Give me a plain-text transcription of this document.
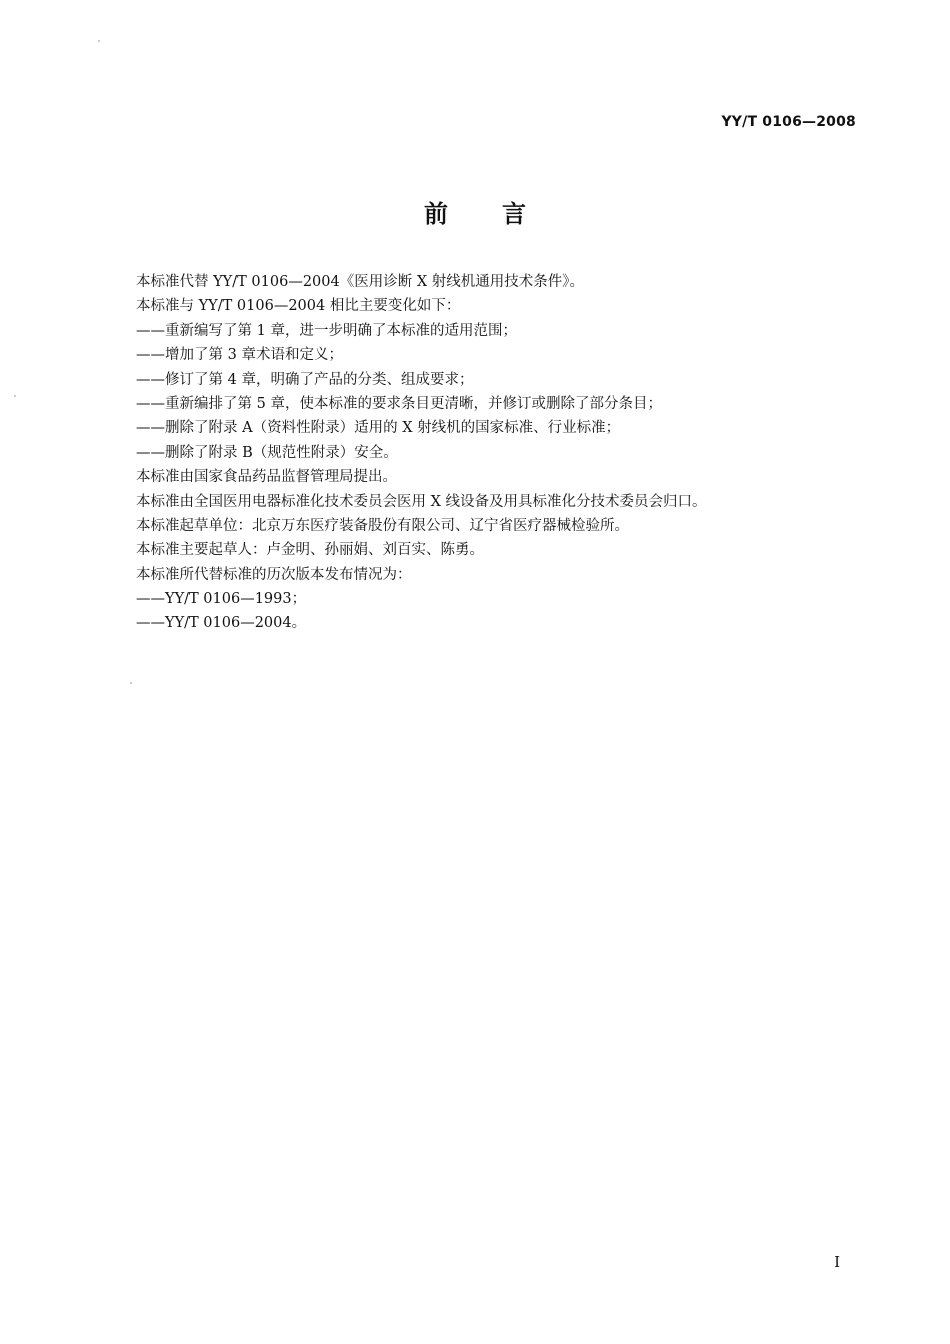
YY/T 0106—2008
前 言
本标准代替 YY/T 0106—2004《医用诊断 X 射线机通用技术条件》。
本标准与 YY/T 0106—2004 相比主要变化如下：
——重新编写了第 1 章，进一步明确了本标准的适用范围；
——增加了第 3 章术语和定义；
——修订了第 4 章，明确了产品的分类、组成要求；
——重新编排了第 5 章，使本标准的要求条目更清晰，并修订或删除了部分条目；
——删除了附录 A（资料性附录）适用的 X 射线机的国家标准、行业标准；
——删除了附录 B（规范性附录）安全。
本标准由国家食品药品监督管理局提出。
本标准由全国医用电器标准化技术委员会医用 X 线设备及用具标准化分技术委员会归口。
本标准起草单位：北京万东医疗装备股份有限公司、辽宁省医疗器械检验所。
本标准主要起草人：卢金明、孙丽娟、刘百实、陈勇。
本标准所代替标准的历次版本发布情况为：
——YY/T 0106—1993；
——YY/T 0106—2004。
I
